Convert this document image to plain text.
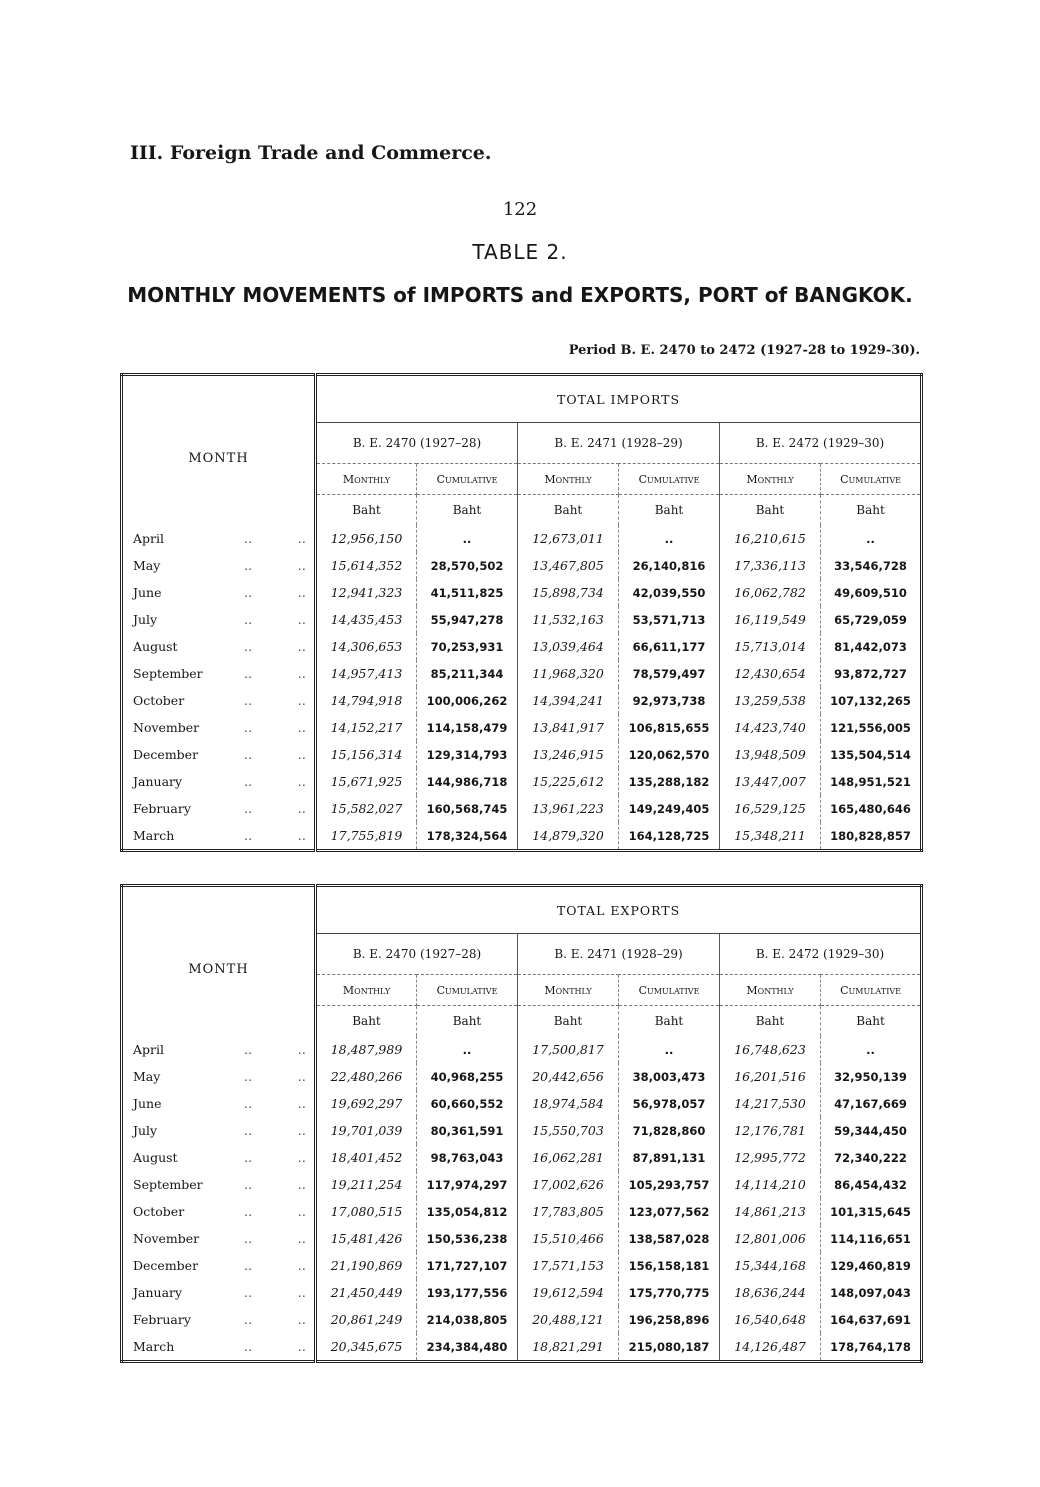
III. Foreign Trade and Commerce.
122
TABLE 2.
MONTHLY MOVEMENTS of IMPORTS and EXPORTS, PORT of BANGKOK.
Period B. E. 2470 to 2472 (1927-28 to 1929-30).
	TOTAL IMPORTS					
MONTH	B. E. 2470 (1927–28)		B. E. 2471 (1928–29)		B. E. 2472 (1929–30)	
	Monthly	Cumulative	Monthly	Cumulative	Monthly	Cumulative
	Baht	Baht	Baht	Baht	Baht	Baht
April ‥   ‥	12,956,150	..	12,673,011	..	16,210,615	..
May ‥   ‥	15,614,352	28,570,502	13,467,805	26,140,816	17,336,113	33,546,728
June ‥   ‥	12,941,323	41,511,825	15,898,734	42,039,550	16,062,782	49,609,510
July ‥   ‥	14,435,453	55,947,278	11,532,163	53,571,713	16,119,549	65,729,059
August ‥   ‥	14,306,653	70,253,931	13,039,464	66,611,177	15,713,014	81,442,073
September ‥   ‥	14,957,413	85,211,344	11,968,320	78,579,497	12,430,654	93,872,727
October ‥   ‥	14,794,918	100,006,262	14,394,241	92,973,738	13,259,538	107,132,265
November ‥   ‥	14,152,217	114,158,479	13,841,917	106,815,655	14,423,740	121,556,005
December ‥   ‥	15,156,314	129,314,793	13,246,915	120,062,570	13,948,509	135,504,514
January ‥   ‥	15,671,925	144,986,718	15,225,612	135,288,182	13,447,007	148,951,521
February ‥   ‥	15,582,027	160,568,745	13,961,223	149,249,405	16,529,125	165,480,646
March ‥   ‥	17,755,819	178,324,564	14,879,320	164,128,725	15,348,211	180,828,857
	TOTAL EXPORTS					
MONTH	B. E. 2470 (1927–28)		B. E. 2471 (1928–29)		B. E. 2472 (1929–30)	
	Monthly	Cumulative	Monthly	Cumulative	Monthly	Cumulative
	Baht	Baht	Baht	Baht	Baht	Baht
April ‥   ‥	18,487,989	..	17,500,817	..	16,748,623	..
May ‥   ‥	22,480,266	40,968,255	20,442,656	38,003,473	16,201,516	32,950,139
June ‥   ‥	19,692,297	60,660,552	18,974,584	56,978,057	14,217,530	47,167,669
July ‥   ‥	19,701,039	80,361,591	15,550,703	71,828,860	12,176,781	59,344,450
August ‥   ‥	18,401,452	98,763,043	16,062,281	87,891,131	12,995,772	72,340,222
September ‥   ‥	19,211,254	117,974,297	17,002,626	105,293,757	14,114,210	86,454,432
October ‥   ‥	17,080,515	135,054,812	17,783,805	123,077,562	14,861,213	101,315,645
November ‥   ‥	15,481,426	150,536,238	15,510,466	138,587,028	12,801,006	114,116,651
December ‥   ‥	21,190,869	171,727,107	17,571,153	156,158,181	15,344,168	129,460,819
January ‥   ‥	21,450,449	193,177,556	19,612,594	175,770,775	18,636,244	148,097,043
February ‥   ‥	20,861,249	214,038,805	20,488,121	196,258,896	16,540,648	164,637,691
March ‥   ‥	20,345,675	234,384,480	18,821,291	215,080,187	14,126,487	178,764,178
